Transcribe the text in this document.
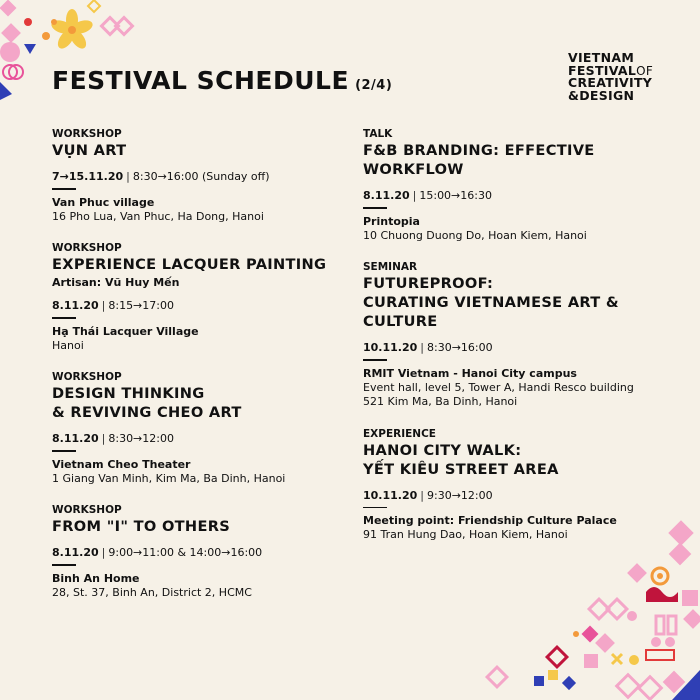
FESTIVAL SCHEDULE (2/4)
VIETNAM
FESTIVALOF
CREATIVITY
&DESIGN
WORKSHOP
VỤN ART
7→15.11.20 | 8:30→16:00 (Sunday off)
Van Phuc village
16 Pho Lua, Van Phuc, Ha Dong, Hanoi
WORKSHOP
EXPERIENCE LACQUER PAINTING
Artisan: Vũ Huy Mến
8.11.20 | 8:15→17:00
Hạ Thái Lacquer Village
Hanoi
WORKSHOP
DESIGN THINKING
& REVIVING CHEO ART
8.11.20 | 8:30→12:00
Vietnam Cheo Theater
1 Giang Van Minh, Kim Ma, Ba Dinh, Hanoi
WORKSHOP
FROM "I" TO OTHERS
8.11.20 | 9:00→11:00 & 14:00→16:00
Binh An Home
28, St. 37, Binh An, District 2, HCMC
TALK
F&B BRANDING: EFFECTIVE WORKFLOW
8.11.20 | 15:00→16:30
Printopia
10 Chuong Duong Do, Hoan Kiem, Hanoi
SEMINAR
FUTUREPROOF:
CURATING VIETNAMESE ART & CULTURE
10.11.20 | 8:30→16:00
RMIT Vietnam - Hanoi City campus
Event hall, level 5, Tower A, Handi Resco building
521 Kim Ma, Ba Dinh, Hanoi
EXPERIENCE
HANOI CITY WALK:
YẾT KIÊU STREET AREA
10.11.20 | 9:30→12:00
Meeting point: Friendship Culture Palace
91 Tran Hung Dao, Hoan Kiem, Hanoi
